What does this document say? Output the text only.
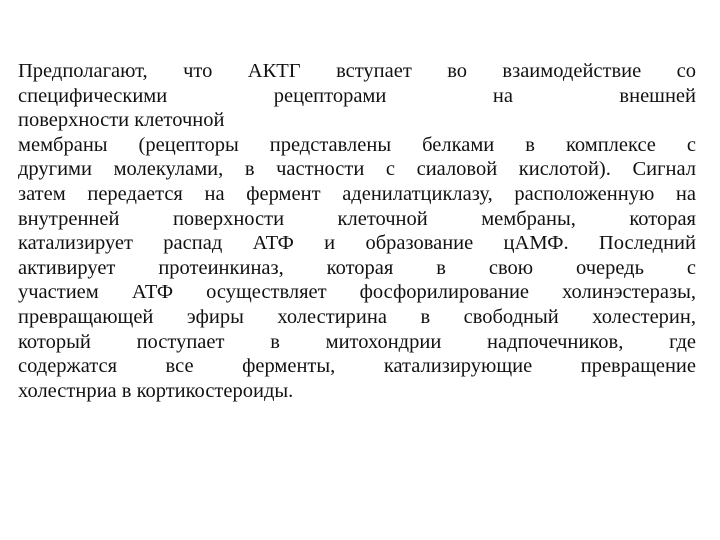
Предполагают, что АКТГ вступает во взаимодействие со
специфическими рецепторами на внешней
поверхности клеточной
мембраны (рецепторы представлены белками в комплексе с
другими молекулами, в частности с сиаловой кислотой). Сигнал
затем передается на фермент аденилатциклазу, расположенную на
внутренней поверхности клеточной мембраны, которая
катализирует распад АТФ и образование цАМФ. Последний
активирует протеинкиназ, которая в свою очередь с
участием АТФ осуществляет фосфорилирование холинэстеразы,
превращающей эфиры холестирина в свободный холестерин,
который поступает в митохондрии надпочечников, где
содержатся все ферменты, катализирующие превращение
холестнриа в кортикостероиды.
